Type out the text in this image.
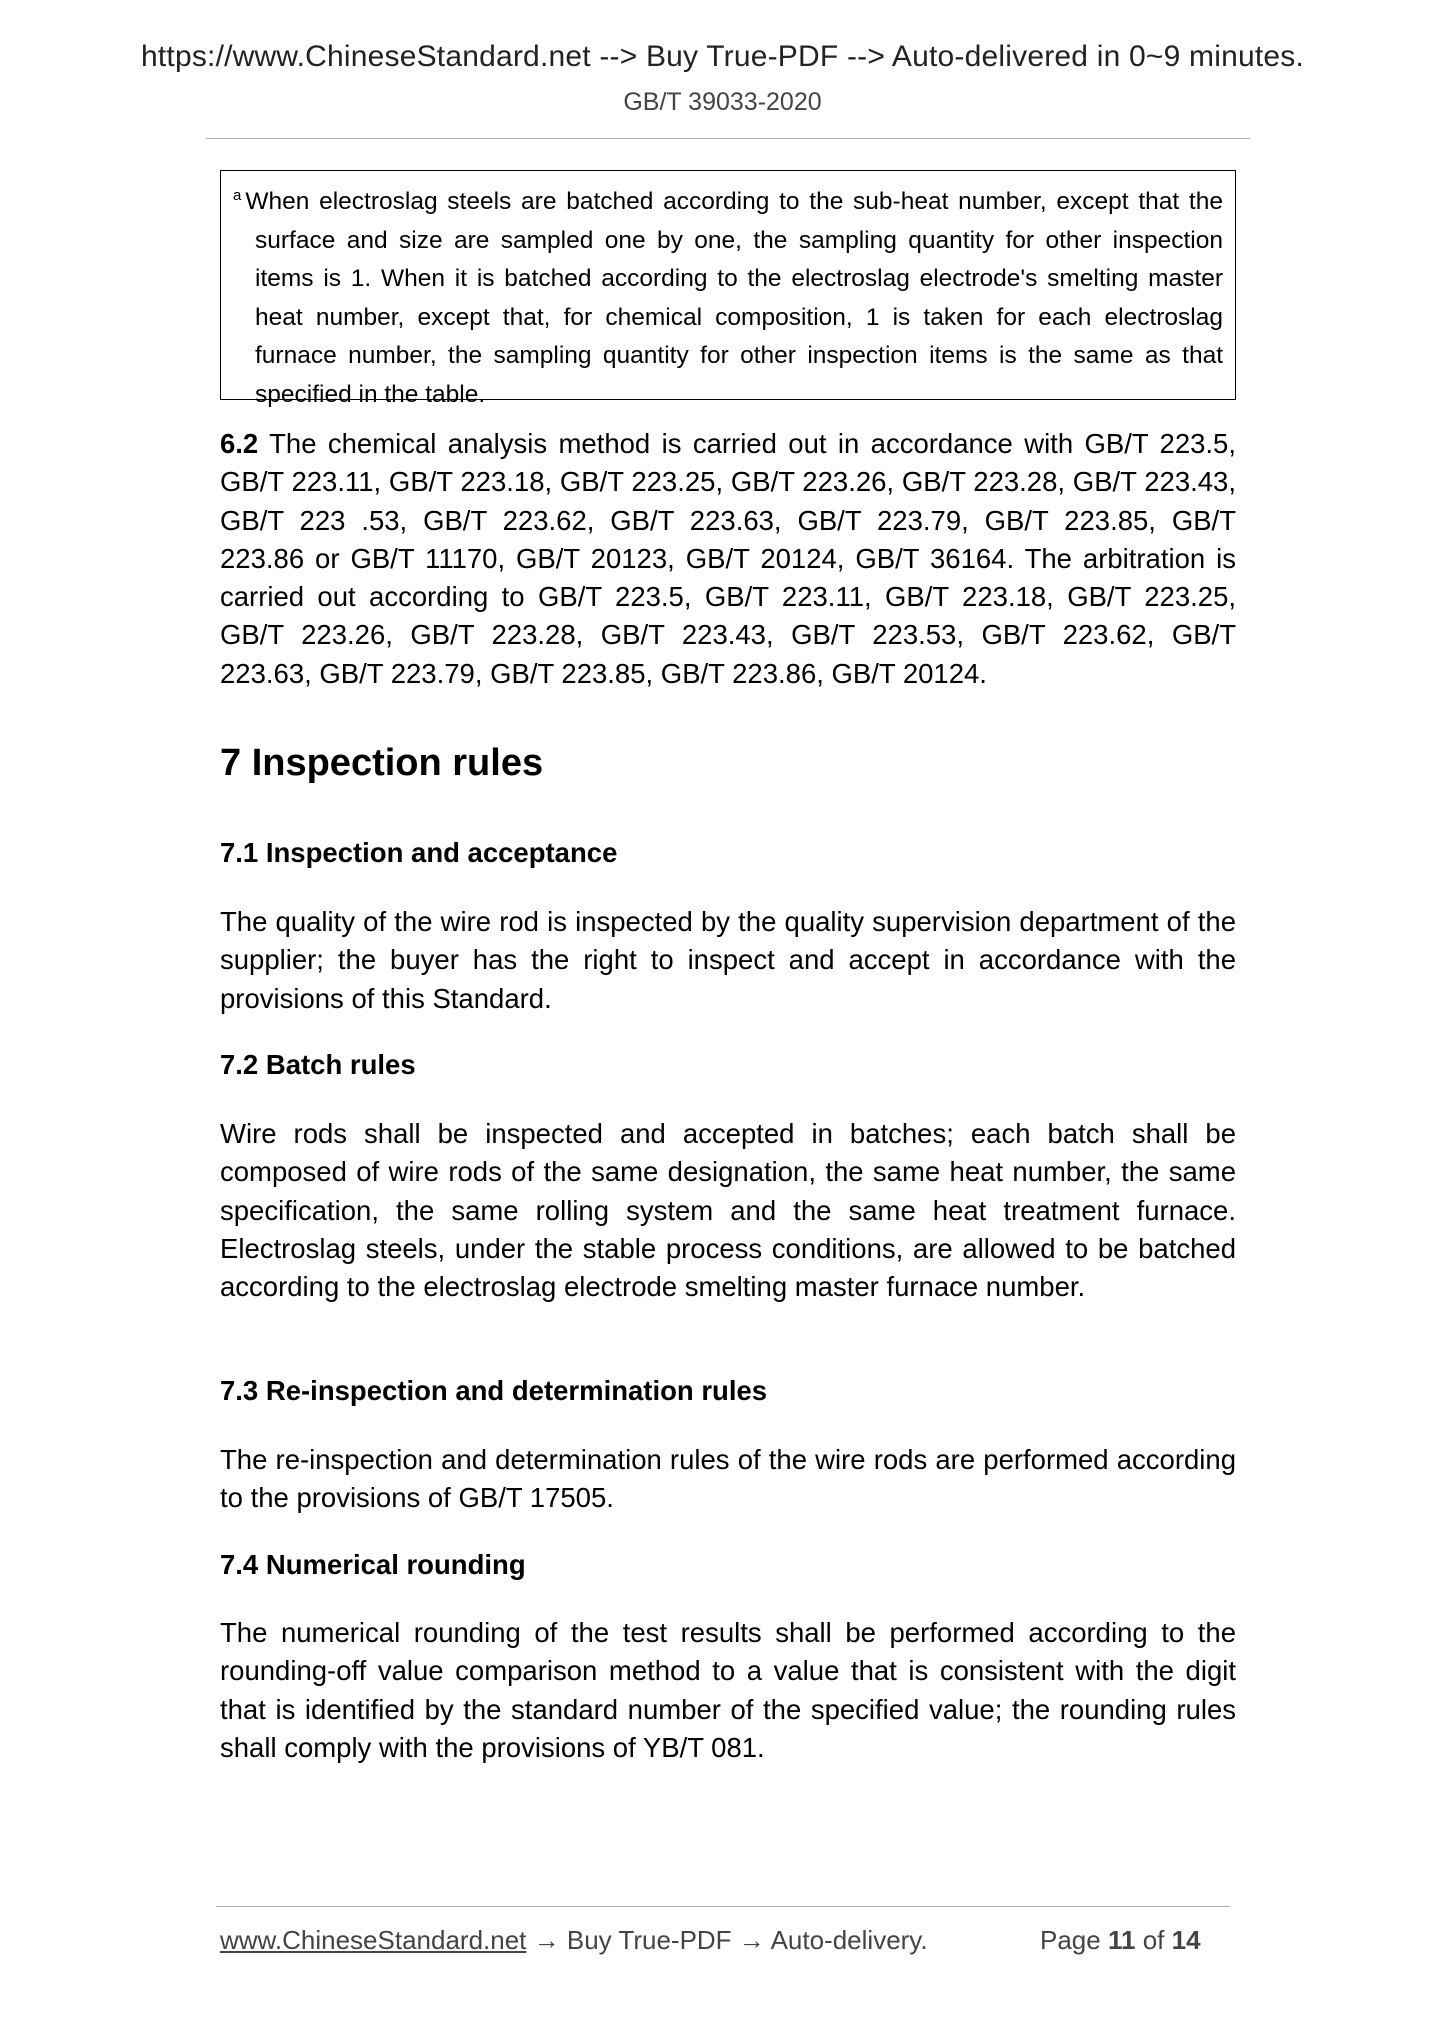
https://www.ChineseStandard.net --> Buy True-PDF --> Auto-delivered in 0~9 minutes.
GB/T 39033-2020
$^a$ When electroslag steels are batched according to the sub-heat number, except that the surface and size are sampled one by one, the sampling quantity for other inspection items is 1. When it is batched according to the electroslag electrode's smelting master heat number, except that, for chemical composition, 1 is taken for each electroslag furnace number, the sampling quantity for other inspection items is the same as that specified in the table.
6.2 The chemical analysis method is carried out in accordance with GB/T 223.5, GB/T 223.11, GB/T 223.18, GB/T 223.25, GB/T 223.26, GB/T 223.28, GB/T 223.43, GB/T 223 .53, GB/T 223.62, GB/T 223.63, GB/T 223.79, GB/T 223.85, GB/T 223.86 or GB/T 11170, GB/T 20123, GB/T 20124, GB/T 36164. The arbitration is carried out according to GB/T 223.5, GB/T 223.11, GB/T 223.18, GB/T 223.25, GB/T 223.26, GB/T 223.28, GB/T 223.43, GB/T 223.53, GB/T 223.62, GB/T 223.63, GB/T 223.79, GB/T 223.85, GB/T 223.86, GB/T 20124.
7 Inspection rules
7.1 Inspection and acceptance
The quality of the wire rod is inspected by the quality supervision department of the supplier; the buyer has the right to inspect and accept in accordance with the provisions of this Standard.
7.2 Batch rules
Wire rods shall be inspected and accepted in batches; each batch shall be composed of wire rods of the same designation, the same heat number, the same specification, the same rolling system and the same heat treatment furnace. Electroslag steels, under the stable process conditions, are allowed to be batched according to the electroslag electrode smelting master furnace number.
7.3 Re-inspection and determination rules
The re-inspection and determination rules of the wire rods are performed according to the provisions of GB/T 17505.
7.4 Numerical rounding
The numerical rounding of the test results shall be performed according to the rounding-off value comparison method to a value that is consistent with the digit that is identified by the standard number of the specified value; the rounding rules shall comply with the provisions of YB/T 081.
www.ChineseStandard.net → Buy True-PDF → Auto-delivery.	Page 11 of 14
